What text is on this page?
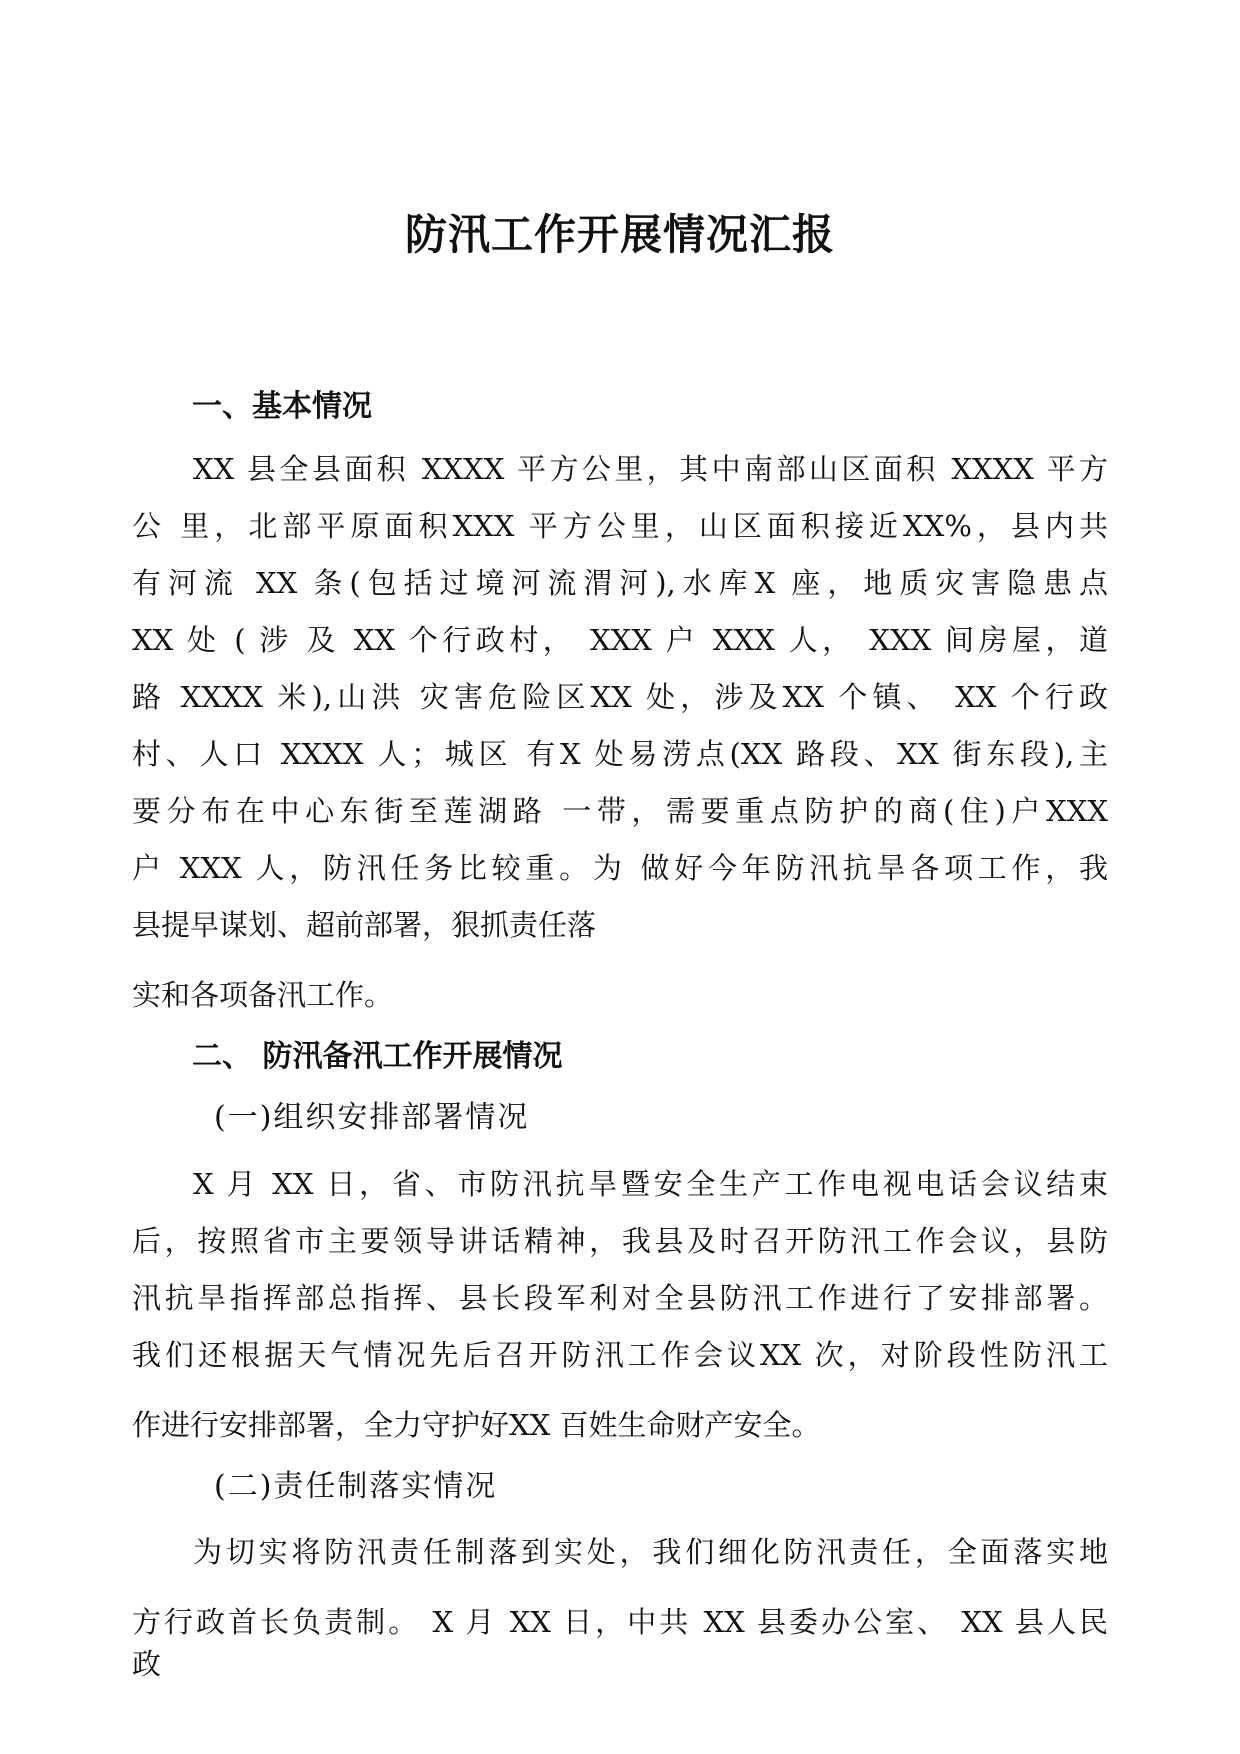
防汛工作开展情况汇报
一、基本情况
XX 县全县面积 XXXX 平方公里，其中南部山区面积 XXXX 平方
公 里，北部平原面积XXX 平方公里，山区面积接近XX%，县内共
有河流 XX 条(包括过境河流渭河),水库X 座，地质灾害隐患点
XX 处 ( 涉 及 XX 个行政村， XXX 户 XXX 人， XXX 间房屋，道
路 XXXX 米),山洪 灾害危险区XX 处，涉及XX 个镇、 XX 个行政
村、人口 XXXX 人；城区 有X 处易涝点(XX 路段、XX 街东段),主
要分布在中心东街至莲湖路 一带，需要重点防护的商(住)户XXX
户 XXX 人，防汛任务比较重。为 做好今年防汛抗旱各项工作，我
县提早谋划、超前部署，狠抓责任落
实和各项备汛工作。
二、 防汛备汛工作开展情况
(一)组织安排部署情况
X 月 XX 日，省、市防汛抗旱暨安全生产工作电视电话会议结束
后，按照省市主要领导讲话精神，我县及时召开防汛工作会议，县防
汛抗旱指挥部总指挥、县长段军利对全县防汛工作进行了安排部署。
我们还根据天气情况先后召开防汛工作会议XX 次，对阶段性防汛工
作进行安排部署，全力守护好XX 百姓生命财产安全。
(二)责任制落实情况
为切实将防汛责任制落到实处，我们细化防汛责任，全面落实地
方行政首长负责制。 X 月 XX 日，中共 XX 县委办公室、 XX 县人民
政
